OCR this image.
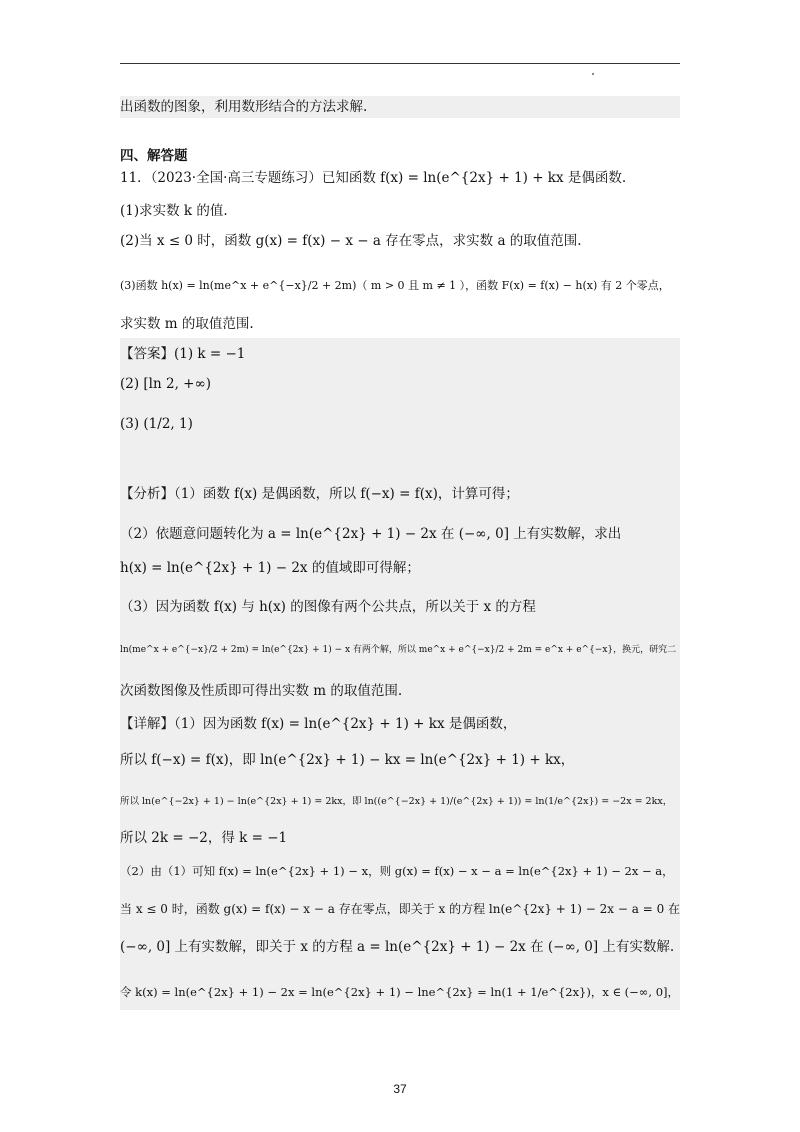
出函数的图象，利用数形结合的方法求解.
四、解答题
11．（2023·全国·高三专题练习）已知函数 f(x) = ln(e^{2x} + 1) + kx 是偶函数.
(1)求实数 k 的值.
(2)当 x ≤ 0 时，函数 g(x) = f(x) − x − a 存在零点，求实数 a 的取值范围.
(3)函数 h(x) = ln(me^x + e^{−x}/2 + 2m)（ m > 0 且 m ≠ 1 ），函数 F(x) = f(x) − h(x) 有 2 个零点，
求实数 m 的取值范围.
【答案】(1) k = −1
(2) [ln 2, +∞)
(3) (1/2, 1)
【分析】（1）函数 f(x) 是偶函数，所以 f(−x) = f(x)，计算可得；
（2）依题意问题转化为 a = ln(e^{2x} + 1) − 2x 在 (−∞, 0] 上有实数解，求出
h(x) = ln(e^{2x} + 1) − 2x 的值域即可得解；
（3）因为函数 f(x) 与 h(x) 的图像有两个公共点，所以关于 x 的方程
ln(me^x + e^{−x}/2 + 2m) = ln(e^{2x} + 1) − x 有两个解，所以 me^x + e^{−x}/2 + 2m = e^x + e^{−x}，换元，研究二
次函数图像及性质即可得出实数 m 的取值范围.
【详解】（1）因为函数 f(x) = ln(e^{2x} + 1) + kx 是偶函数，
所以 f(−x) = f(x)，即 ln(e^{2x} + 1) − kx = ln(e^{2x} + 1) + kx，
所以 ln(e^{−2x} + 1) − ln(e^{2x} + 1) = 2kx，即 ln((e^{−2x} + 1)/(e^{2x} + 1)) = ln(1/e^{2x}) = −2x = 2kx，
所以 2k = −2，得 k = −1
（2）由（1）可知 f(x) = ln(e^{2x} + 1) − x，则 g(x) = f(x) − x − a = ln(e^{2x} + 1) − 2x − a，
当 x ≤ 0 时，函数 g(x) = f(x) − x − a 存在零点，即关于 x 的方程 ln(e^{2x} + 1) − 2x − a = 0 在
(−∞, 0] 上有实数解，即关于 x 的方程 a = ln(e^{2x} + 1) − 2x 在 (−∞, 0] 上有实数解.
令 k(x) = ln(e^{2x} + 1) − 2x = ln(e^{2x} + 1) − lne^{2x} = ln(1 + 1/e^{2x})，x ∈ (−∞, 0]，
37
